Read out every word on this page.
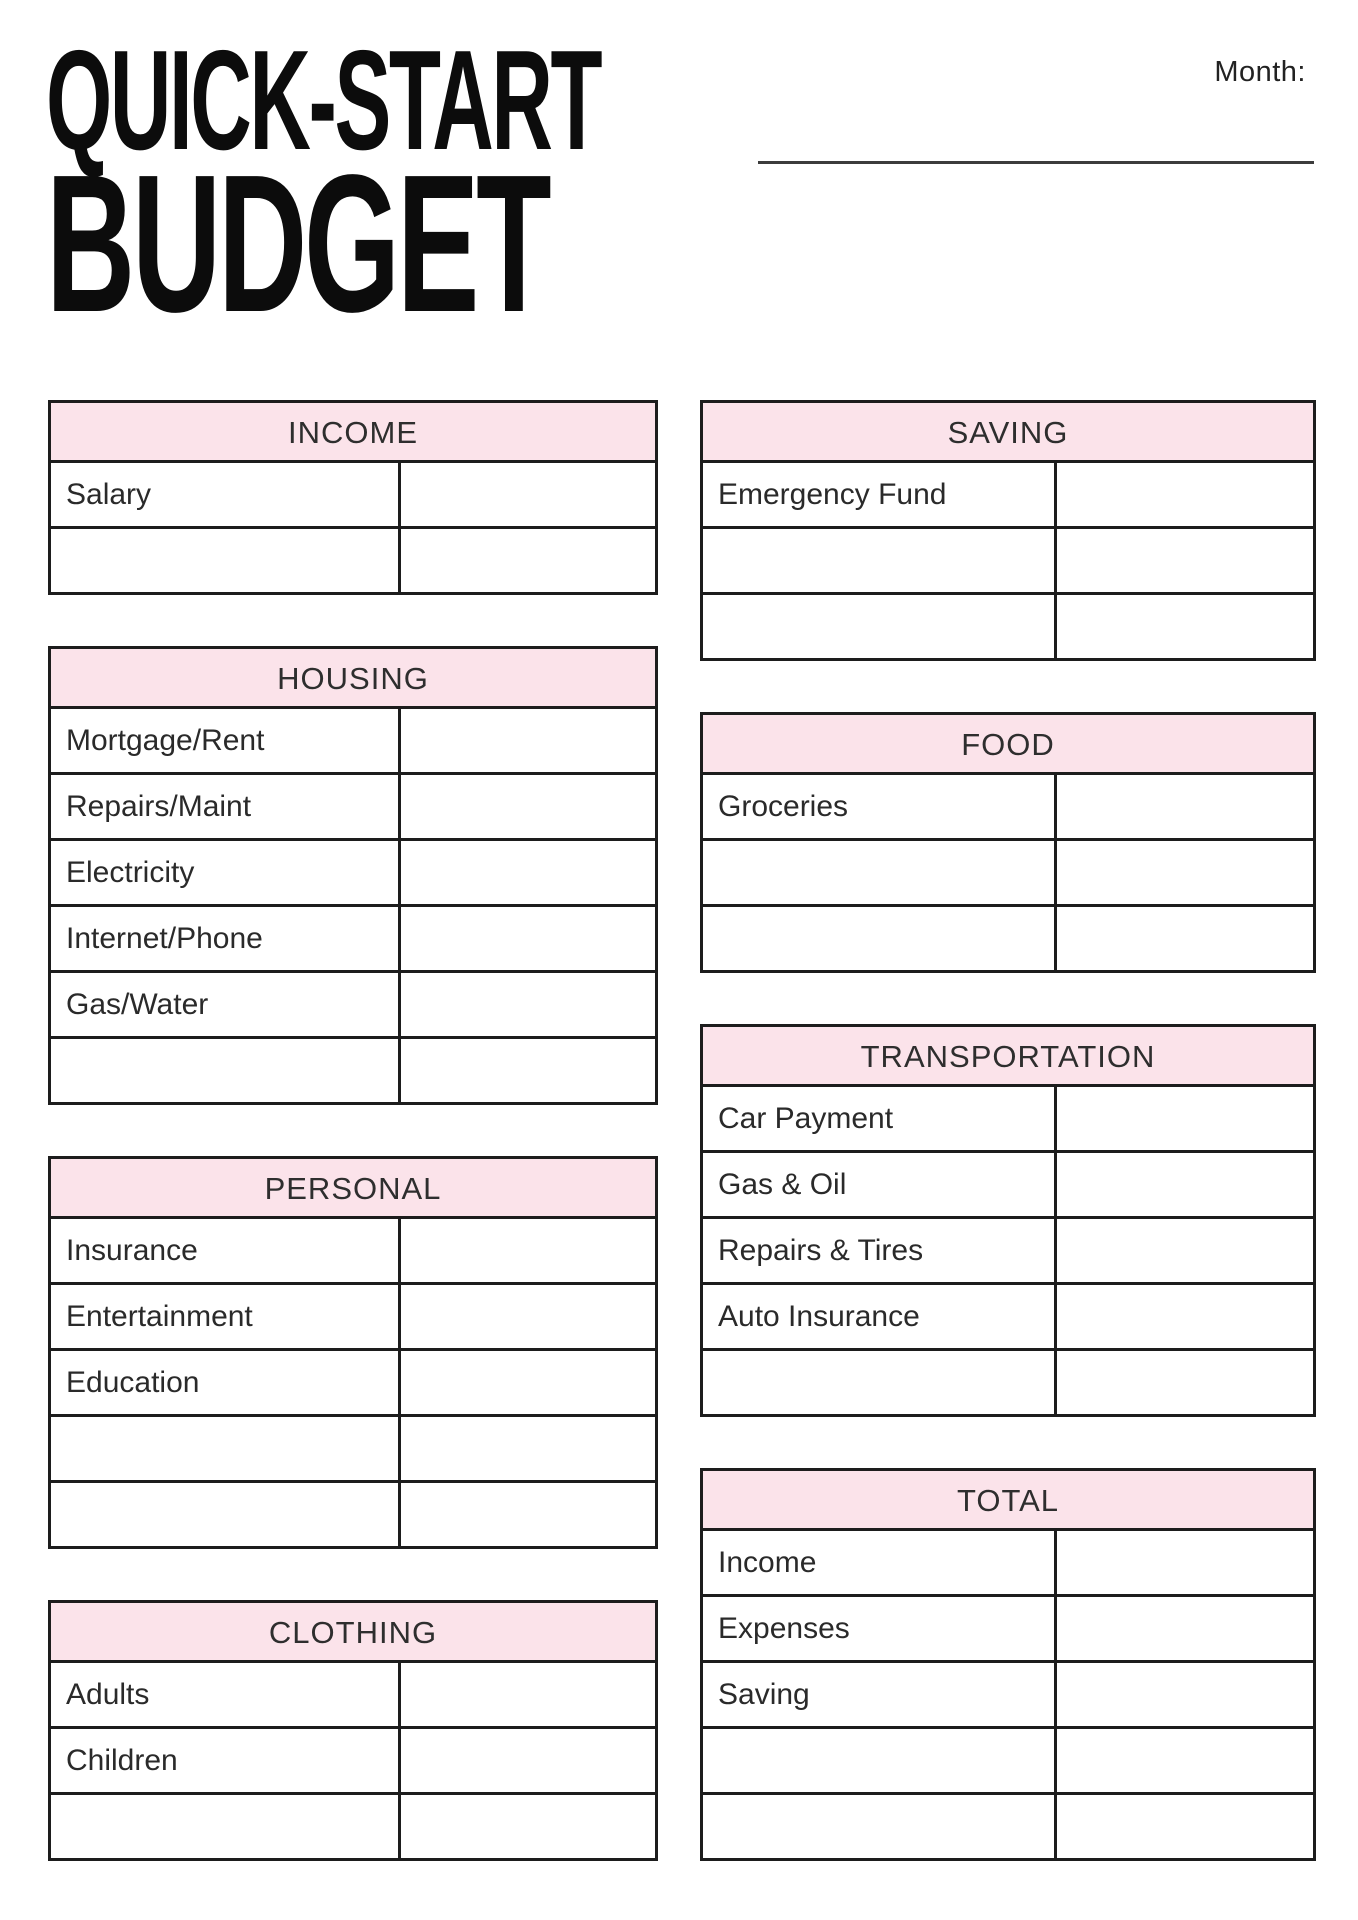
QUICK-START
BUDGET
Month:
INCOME
Salary
HOUSING
Mortgage/Rent
Repairs/Maint
Electricity
Internet/Phone
Gas/Water
PERSONAL
Insurance
Entertainment
Education
CLOTHING
Adults
Children
SAVING
Emergency Fund
FOOD
Groceries
TRANSPORTATION
Car Payment
Gas & Oil
Repairs & Tires
Auto Insurance
TOTAL
Income
Expenses
Saving
